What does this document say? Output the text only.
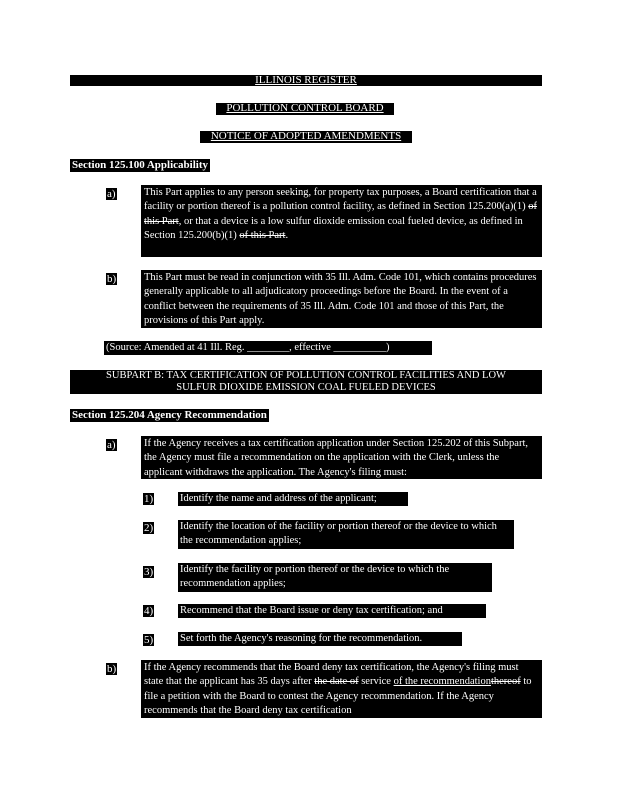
ILLINOIS REGISTER
POLLUTION CONTROL BOARD
NOTICE OF ADOPTED AMENDMENTS
Section 125.100 Applicability
a)	This Part applies to any person seeking, for property tax purposes, a Board certification that a facility or portion thereof is a pollution control facility, as defined in Section 125.200(a)(1) of this Part, or that a device is a low sulfur dioxide emission coal fueled device, as defined in Section 125.200(b)(1) of this Part.
b)	This Part must be read in conjunction with 35 Ill. Adm. Code 101, which contains procedures generally applicable to all adjudicatory proceedings before the Board. In the event of a conflict between the requirements of 35 Ill. Adm. Code 101 and those of this Part, the provisions of this Part apply.
(Source: Amended at 41 Ill. Reg. ________, effective __________)
SUBPART B: TAX CERTIFICATION OF POLLUTION CONTROL FACILITIES AND LOW
SULFUR DIOXIDE EMISSION COAL FUELED DEVICES
Section 125.204 Agency Recommendation
a)	If the Agency receives a tax certification application under Section 125.202 of this Subpart, the Agency must file a recommendation on the application with the Clerk, unless the applicant withdraws the application. The Agency's filing must:
1)	Identify the name and address of the applicant;
2)	Identify the location of the facility or portion thereof or the device to which the recommendation applies;
3)	Identify the facility or portion thereof or the device to which the recommendation applies;
4)	Recommend that the Board issue or deny tax certification; and
5)	Set forth the Agency's reasoning for the recommendation.
b)	If the Agency recommends that the Board deny tax certification, the Agency's filing must state that the applicant has 35 days after the date of service of the recommendationthereof to file a petition with the Board to contest the Agency recommendation. If the Agency recommends that the Board deny tax certification
